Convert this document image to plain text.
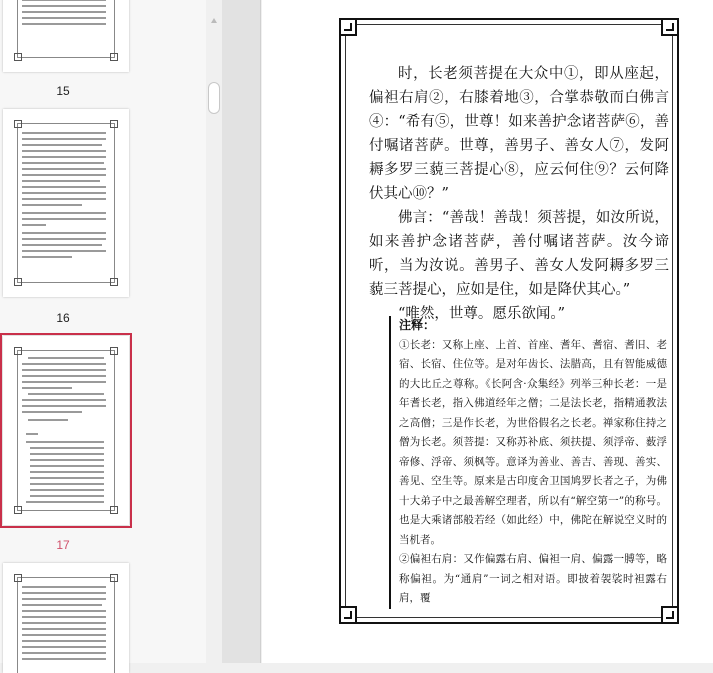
15
16
17

时，长老须菩提在大众中①，即从座起，偏袒右肩②，右膝着地③，合掌恭敬而白佛言④：“希有⑤，世尊！如来善护念诸菩萨⑥，善付嘱诸菩萨。世尊，善男子、善女人⑦，发阿耨多罗三藐三菩提心⑧，应云何住⑨？云何降伏其心⑩？”

佛言：“善哉！善哉！须菩提，如汝所说，如来善护念诸菩萨，善付嘱诸菩萨。汝今谛听，当为汝说。善男子、善女人发阿耨多罗三藐三菩提心，应如是住，如是降伏其心。”

“唯然，世尊。愿乐欲闻。”

注释：

①长老：又称上座、上首、首座、耆年、耆宿、耆旧、老宿、长宿、住位等。是对年齿长、法腊高，且有智能威德的大比丘之尊称。《长阿含·众集经》列举三种长老：一是年耆长老，指入佛道经年之僧；二是法长老，指精通教法之高僧；三是作长老，为世俗假名之长老。禅家称住持之僧为长老。须菩提：又称苏补底、须扶提、须浮帝、薮浮帝修、浮帝、须枫等。意译为善业、善吉、善现、善实、善见、空生等。原来是古印度舍卫国鸠罗长者之子，为佛十大弟子中之最善解空理者，所以有“解空第一”的称号。也是大乘诸部般若经（如此经）中，佛陀在解说空义时的当机者。

②偏袒右肩：又作偏露右肩、偏袒一肩、偏露一膊等，略称偏袒。为“通肩”一词之相对语。即披着袈裟时袒露右肩，覆
